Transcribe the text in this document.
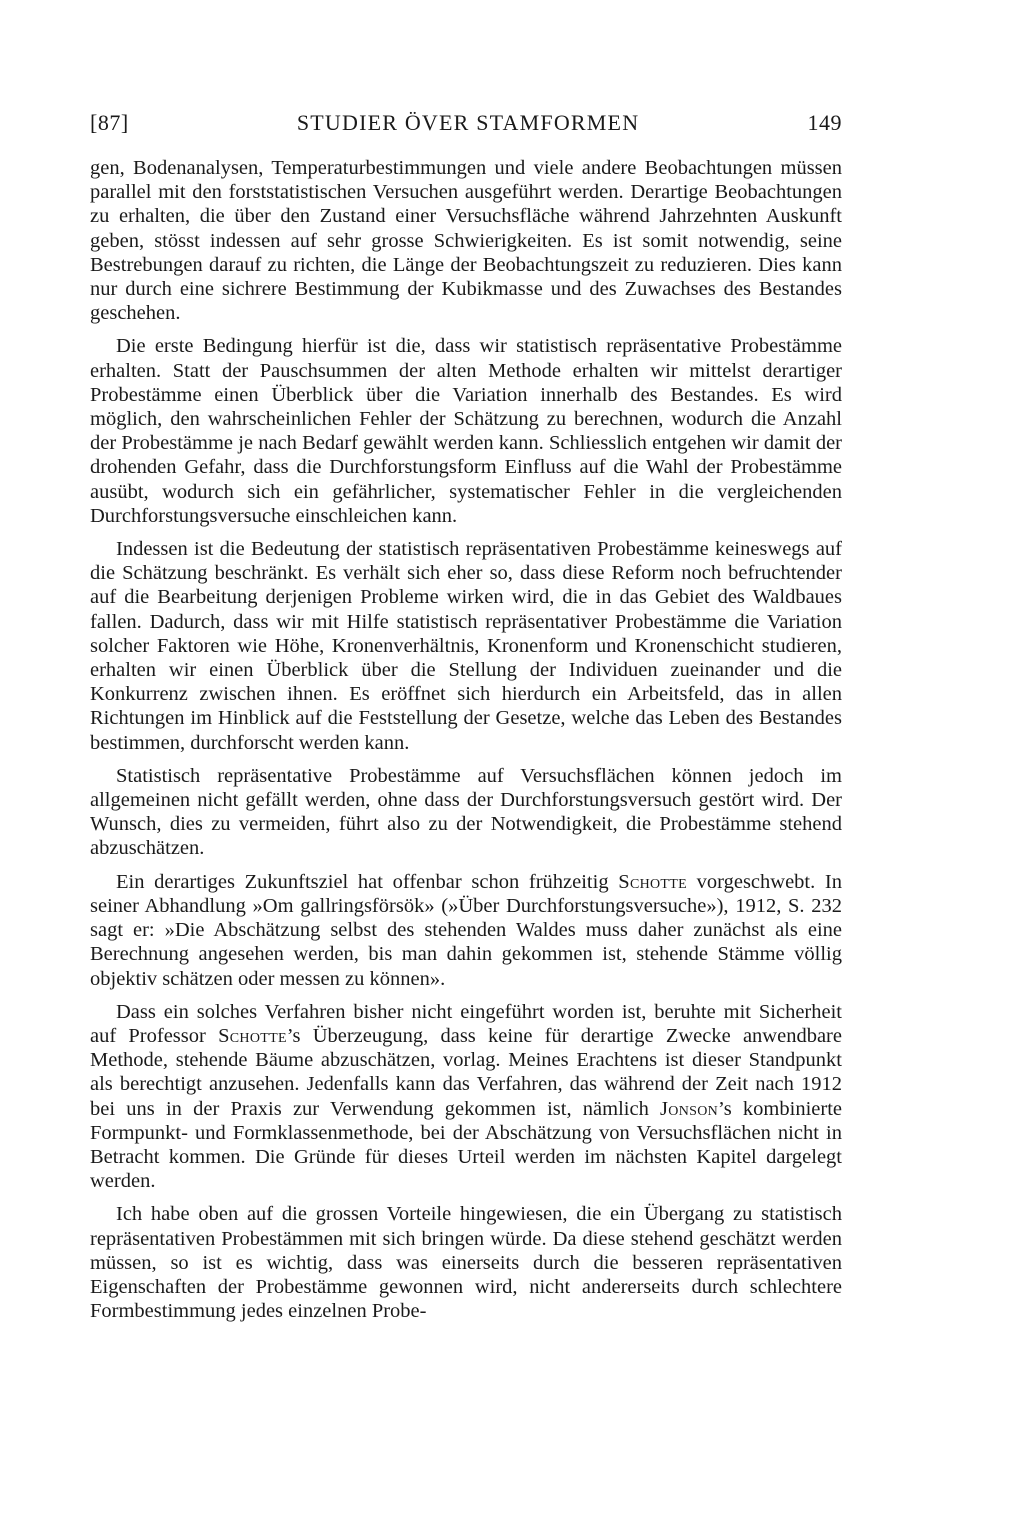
[87]	STUDIER ÖVER STAMFORMEN	149

gen, Bodenanalysen, Temperaturbestimmungen und viele andere Beobachtungen müssen parallel mit den forststatistischen Versuchen ausgeführt werden. Derartige Beobachtungen zu erhalten, die über den Zustand einer Versuchsfläche während Jahrzehnten Auskunft geben, stösst indessen auf sehr grosse Schwierigkeiten. Es ist somit notwendig, seine Bestrebungen darauf zu richten, die Länge der Beobachtungszeit zu reduzieren. Dies kann nur durch eine sichrere Bestimmung der Kubikmasse und des Zuwachses des Bestandes geschehen.

Die erste Bedingung hierfür ist die, dass wir statistisch repräsentative Probestämme erhalten. Statt der Pauschsummen der alten Methode erhalten wir mittelst derartiger Probestämme einen Überblick über die Variation innerhalb des Bestandes. Es wird möglich, den wahrscheinlichen Fehler der Schätzung zu berechnen, wodurch die Anzahl der Probestämme je nach Bedarf gewählt werden kann. Schliesslich entgehen wir damit der drohenden Gefahr, dass die Durchforstungsform Einfluss auf die Wahl der Probestämme ausübt, wodurch sich ein gefährlicher, systematischer Fehler in die vergleichenden Durchforstungsversuche einschleichen kann.

Indessen ist die Bedeutung der statistisch repräsentativen Probestämme keineswegs auf die Schätzung beschränkt. Es verhält sich eher so, dass diese Reform noch befruchtender auf die Bearbeitung derjenigen Probleme wirken wird, die in das Gebiet des Waldbaues fallen. Dadurch, dass wir mit Hilfe statistisch repräsentativer Probestämme die Variation solcher Faktoren wie Höhe, Kronenverhältnis, Kronenform und Kronenschicht studieren, erhalten wir einen Überblick über die Stellung der Individuen zueinander und die Konkurrenz zwischen ihnen. Es eröffnet sich hierdurch ein Arbeitsfeld, das in allen Richtungen im Hinblick auf die Feststellung der Gesetze, welche das Leben des Bestandes bestimmen, durchforscht werden kann.

Statistisch repräsentative Probestämme auf Versuchsflächen können jedoch im allgemeinen nicht gefällt werden, ohne dass der Durchforstungsversuch gestört wird. Der Wunsch, dies zu vermeiden, führt also zu der Notwendigkeit, die Probestämme stehend abzuschätzen.

Ein derartiges Zukunftsziel hat offenbar schon frühzeitig Schotte vorgeschwebt. In seiner Abhandlung »Om gallringsförsök» (»Über Durchforstungsversuche»), 1912, S. 232 sagt er: »Die Abschätzung selbst des stehenden Waldes muss daher zunächst als eine Berechnung angesehen werden, bis man dahin gekommen ist, stehende Stämme völlig objektiv schätzen oder messen zu können».

Dass ein solches Verfahren bisher nicht eingeführt worden ist, beruhte mit Sicherheit auf Professor Schotte’s Überzeugung, dass keine für derartige Zwecke anwendbare Methode, stehende Bäume abzuschätzen, vorlag. Meines Erachtens ist dieser Standpunkt als berechtigt anzusehen. Jedenfalls kann das Verfahren, das während der Zeit nach 1912 bei uns in der Praxis zur Verwendung gekommen ist, nämlich Jonson’s kombinierte Formpunkt- und Formklassenmethode, bei der Abschätzung von Versuchsflächen nicht in Betracht kommen. Die Gründe für dieses Urteil werden im nächsten Kapitel dargelegt werden.

Ich habe oben auf die grossen Vorteile hingewiesen, die ein Übergang zu statistisch repräsentativen Probestämmen mit sich bringen würde. Da diese stehend geschätzt werden müssen, so ist es wichtig, dass was einerseits durch die besseren repräsentativen Eigenschaften der Probestämme gewonnen wird, nicht andererseits durch schlechtere Formbestimmung jedes einzelnen Probe-
